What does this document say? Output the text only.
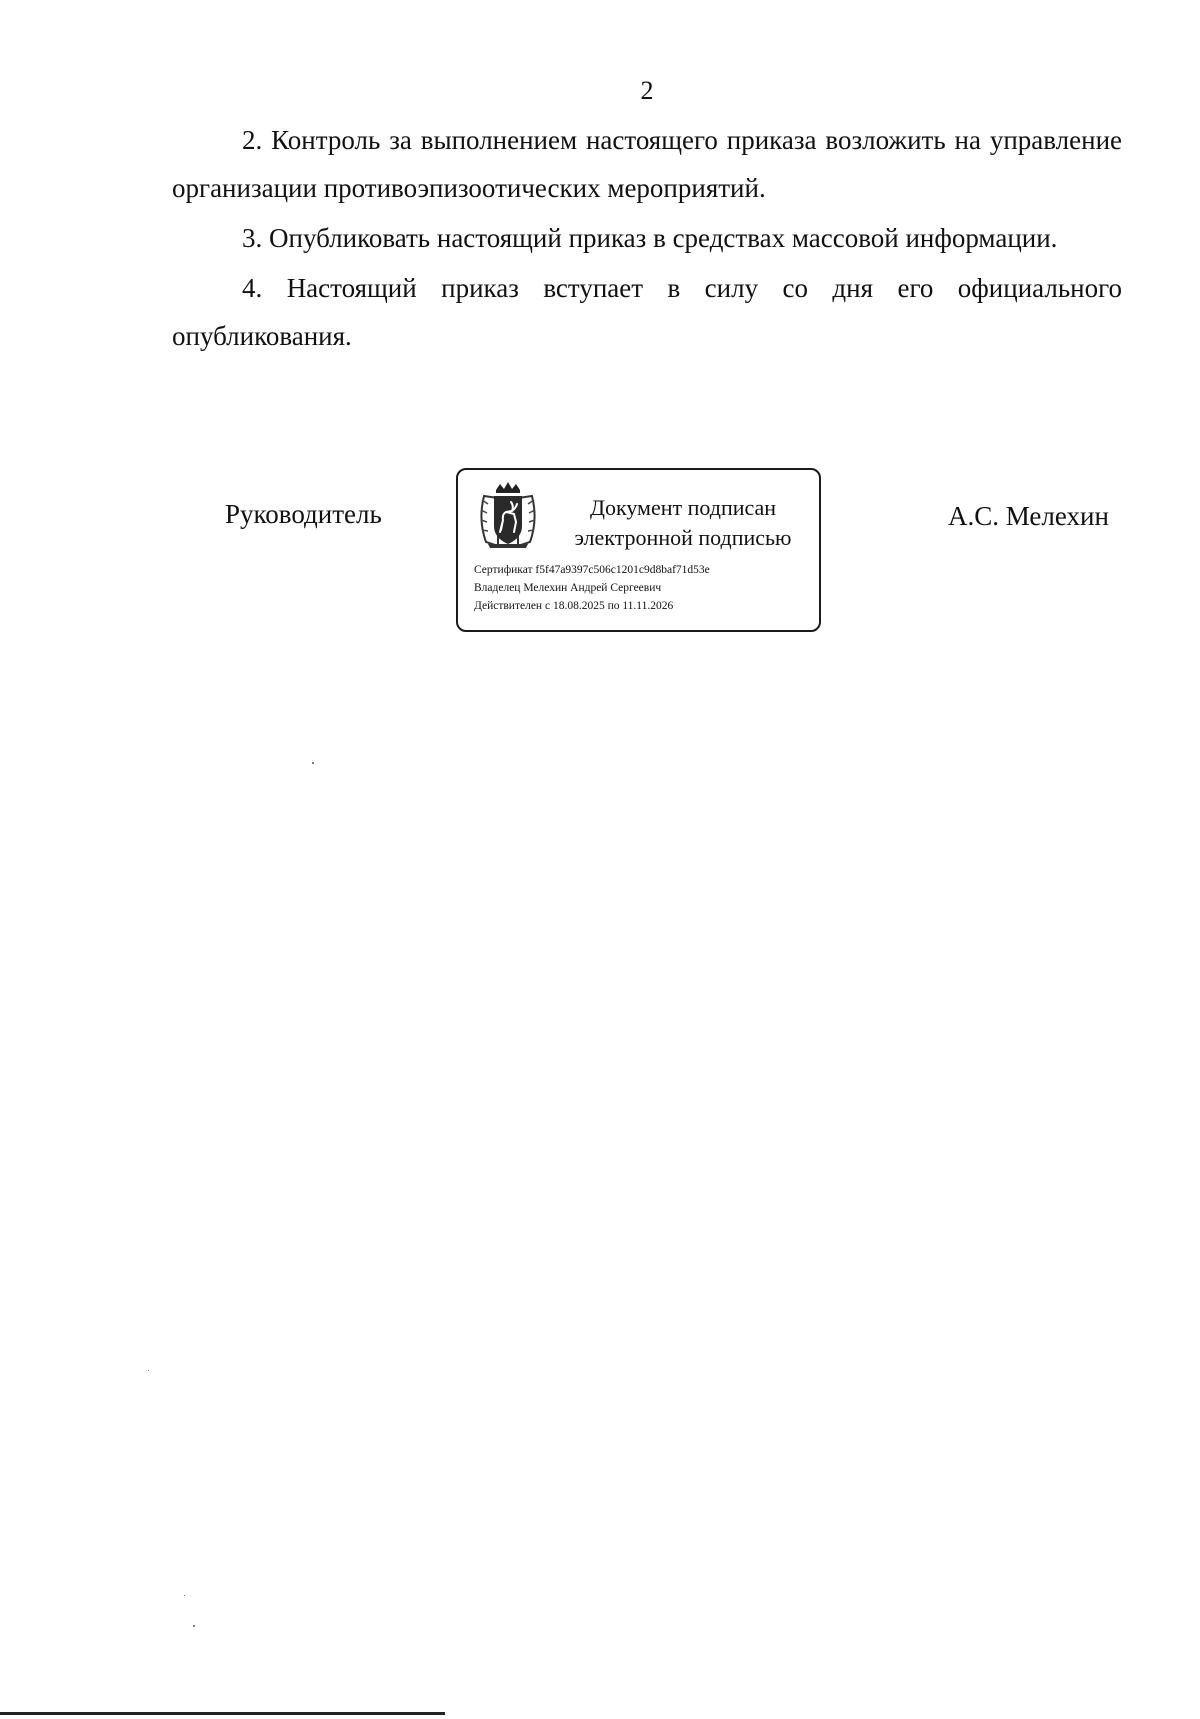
2

2. Контроль за выполнением настоящего приказа возложить на управление организации противоэпизоотических мероприятий.

3. Опубликовать настоящий приказ в средствах массовой информации.

4. Настоящий приказ вступает в силу со дня его официального опубликования.

Руководитель	Документ подписан
электронной подписью
Сертификат f5f47a9397c506c1201c9d8baf71d53e
Владелец Мелехин Андрей Сергеевич
Действителен с 18.08.2025 по 11.11.2026
А.С. Мелехин
